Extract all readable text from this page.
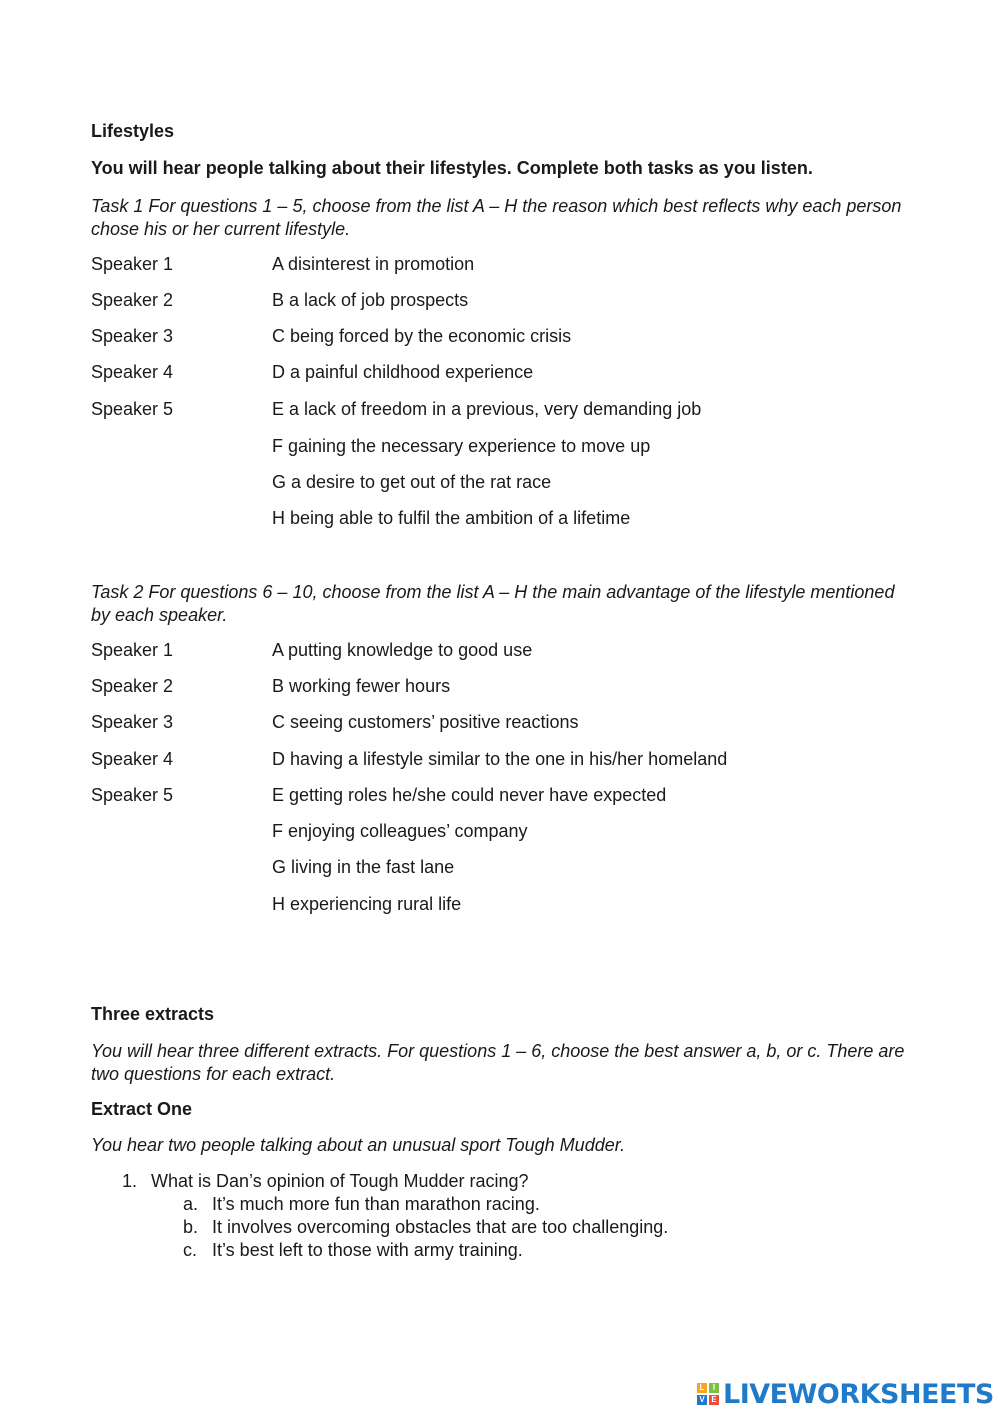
Lifestyles
You will hear people talking about their lifestyles. Complete both tasks as you listen.
Task 1 For questions 1 – 5, choose from the list A – H the reason which best reflects why each person chose his or her current lifestyle.
Speaker 1
Speaker 2
Speaker 3
Speaker 4
Speaker 5
A disinterest in promotion
B a lack of job prospects
C being forced by the economic crisis
D a painful childhood experience
E a lack of freedom in a previous, very demanding job
F gaining the necessary experience to move up
G a desire to get out of the rat race
H being able to fulfil the ambition of a lifetime
Task 2 For questions 6 – 10, choose from the list A – H the main advantage of the lifestyle mentioned by each speaker.
Speaker 1
Speaker 2
Speaker 3
Speaker 4
Speaker 5
A putting knowledge to good use
B working fewer hours
C seeing customers’ positive reactions
D having a lifestyle similar to the one in his/her homeland
E getting roles he/she could never have expected
F enjoying colleagues’ company
G living in the fast lane
H experiencing rural life
Three extracts
You will hear three different extracts. For questions 1 – 6, choose the best answer a, b, or c. There are two questions for each extract.
Extract One
You hear two people talking about an unusual sport Tough Mudder.
1. What is Dan’s opinion of Tough Mudder racing?
a. It’s much more fun than marathon racing.
b. It involves overcoming obstacles that are too challenging.
c. It’s best left to those with army training.
L	I
V E LIVEWORKSHEETS
